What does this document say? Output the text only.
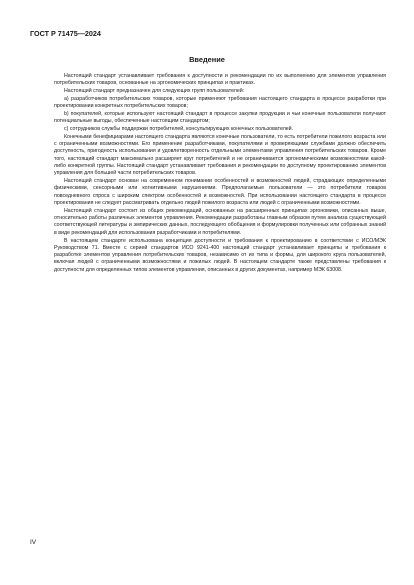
ГОСТ Р 71475—2024
Введение

Настоящий стандарт устанавливает требования к доступности и рекомендации по их выполнению для элементов управления потребительских товаров, основанные на эргономических принципах и практиках.

Настоящий стандарт предназначен для следующих групп пользователей:

a) разработчиков потребительских товаров, которые применяют требования настоящего стандарта в процессе разработки при проектировании конкретных потребительских товаров;

b) покупателей, которые используют настоящий стандарт в процессе закупки продукции и чьи конечные пользователи получают потенциальные выгоды, обеспеченные настоящим стандартом;

c) сотрудников службы поддержки потребителей, консультирующих конечных пользователей.

Конечными бенефициарами настоящего стандарта являются конечные пользователи, то есть потребители пожилого возраста или с ограниченными возможностями. Его применение разработчиками, покупателями и проверяющими службами должно обеспечить доступность, пригодность использования и удовлетворенность отдельными элементами управления потребительских товаров. Кроме того, настоящий стандарт максимально расширяет круг потребителей и не ограничивается эргономическими возможностями какой-либо конкретной группы. Настоящий стандарт устанавливает требования и рекомендации по доступному проектированию элементов управления для большей части потребительских товаров.

Настоящий стандарт основан на современном понимании особенностей и возможностей людей, страдающих определенными физическими, сенсорными или когнитивными нарушениями. Предполагаемые пользователи — это потребители товаров повседневного спроса с широким спектром особенностей и возможностей. При использовании настоящего стандарта в процессе проектирования не следует рассматривать отдельно людей пожилого возраста или людей с ограниченными возможностями.

Настоящий стандарт состоит из общих рекомендаций, основанных на расширенных принципах эргономики, описанных выше, относительно работы различных элементов управления. Рекомендации разработаны главным образом путем анализа существующей соответствующей литературы и эмпирических данных, последующего обобщения и формулировки полученных или собранных знаний в виде рекомендаций для использования разработчиками и потребителями.

В настоящем стандарте использована концепция доступности и требования к проектированию в соответствии с ИСО/МЭК Руководством 71. Вместе с серией стандартов ИСО 9241-400 настоящий стандарт устанавливает принципы и требования к разработке элементов управления потребительских товаров, независимо от их типа и формы, для широкого круга пользователей, включая людей с ограниченными возможностями и пожилых людей. В настоящем стандарте также представлены требования к доступности для определенных типов элементов управления, описанных в других документах, например МЭК 63008.

IV
